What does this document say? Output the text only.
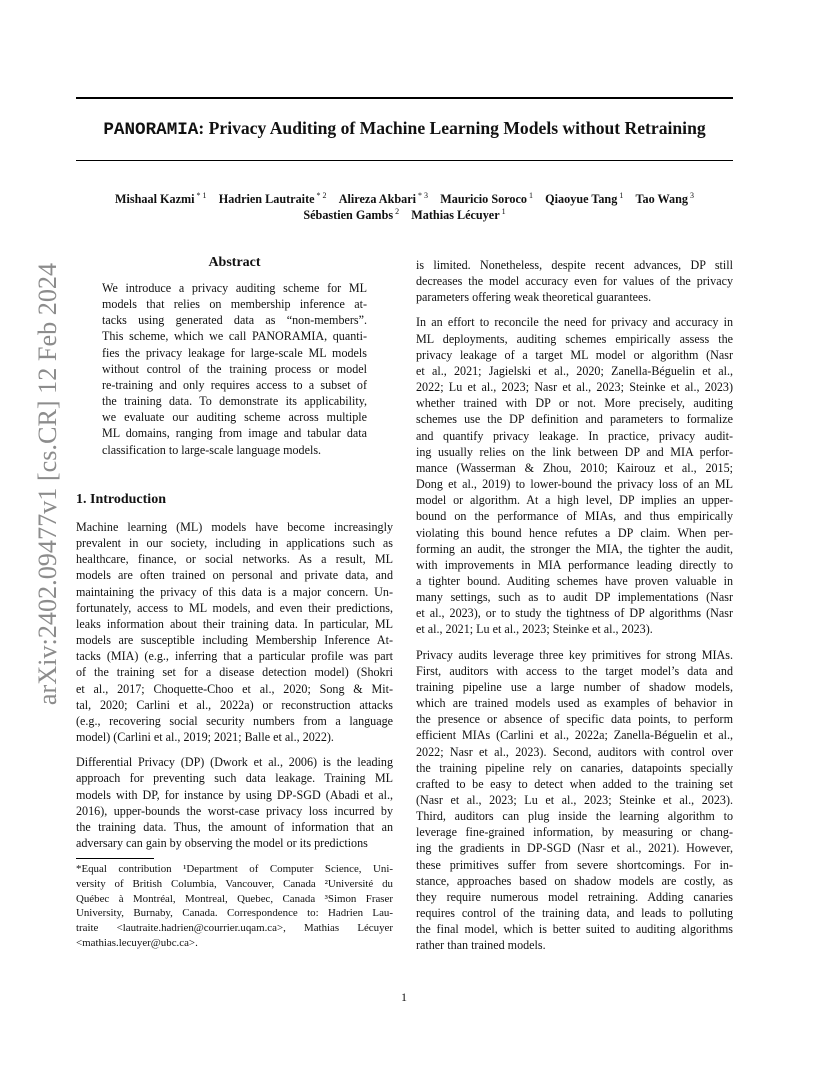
PANORAMIA: Privacy Auditing of Machine Learning Models without Retraining
Mishaal Kazmi $^{* 1}$  Hadrien Lautraite $^{* 2}$  Alireza Akbari $^{* 3}$  Mauricio Soroco $^1$  Qiaoyue Tang $^1$  Tao Wang $^3$
Sébastien Gambs $^2$  Mathias Lécuyer $^1$
arXiv:2402.09477v1 [cs.CR] 12 Feb 2024
Abstract
We introduce a privacy auditing scheme for ML
models that relies on membership inference at-
tacks using generated data as “non-members”.
This scheme, which we call PANORAMIA, quanti-
fies the privacy leakage for large-scale ML models
without control of the training process or model
re-training and only requires access to a subset of
the training data. To demonstrate its applicability,
we evaluate our auditing scheme across multiple
ML domains, ranging from image and tabular data
classification to large-scale language models.
1. Introduction

Machine learning (ML) models have become increasingly
prevalent in our society, including in applications such as
healthcare, finance, or social networks. As a result, ML
models are often trained on personal and private data, and
maintaining the privacy of this data is a major concern. Un-
fortunately, access to ML models, and even their predictions,
leaks information about their training data. In particular, ML
models are susceptible including Membership Inference At-
tacks (MIA) (e.g., inferring that a particular profile was part
of the training set for a disease detection model) (Shokri
et al., 2017; Choquette-Choo et al., 2020; Song & Mit-
tal, 2020; Carlini et al., 2022a) or reconstruction attacks
(e.g., recovering social security numbers from a language
model) (Carlini et al., 2019; 2021; Balle et al., 2022).

Differential Privacy (DP) (Dwork et al., 2006) is the leading
approach for preventing such data leakage. Training ML
models with DP, for instance by using DP-SGD (Abadi et al.,
2016), upper-bounds the worst-case privacy loss incurred by
the training data. Thus, the amount of information that an
adversary can gain by observing the model or its predictions

*Equal contribution ¹Department of Computer Science, Uni-
versity of British Columbia, Vancouver, Canada ²Université du
Québec à Montréal, Montreal, Quebec, Canada ³Simon Fraser
University, Burnaby, Canada. Correspondence to: Hadrien Lau-
traite <lautraite.hadrien@courrier.uqam.ca>, Mathias Lécuyer
<mathias.lecuyer@ubc.ca>.

is limited. Nonetheless, despite recent advances, DP still
decreases the model accuracy even for values of the privacy
parameters offering weak theoretical guarantees.

In an effort to reconcile the need for privacy and accuracy in
ML deployments, auditing schemes empirically assess the
privacy leakage of a target ML model or algorithm (Nasr
et al., 2021; Jagielski et al., 2020; Zanella-Béguelin et al.,
2022; Lu et al., 2023; Nasr et al., 2023; Steinke et al., 2023)
whether trained with DP or not. More precisely, auditing
schemes use the DP definition and parameters to formalize
and quantify privacy leakage. In practice, privacy audit-
ing usually relies on the link between DP and MIA perfor-
mance (Wasserman & Zhou, 2010; Kairouz et al., 2015;
Dong et al., 2019) to lower-bound the privacy loss of an ML
model or algorithm. At a high level, DP implies an upper-
bound on the performance of MIAs, and thus empirically
violating this bound hence refutes a DP claim. When per-
forming an audit, the stronger the MIA, the tighter the audit,
with improvements in MIA performance leading directly to
a tighter bound. Auditing schemes have proven valuable in
many settings, such as to audit DP implementations (Nasr
et al., 2023), or to study the tightness of DP algorithms (Nasr
et al., 2021; Lu et al., 2023; Steinke et al., 2023).

Privacy audits leverage three key primitives for strong MIAs.
First, auditors with access to the target model’s data and
training pipeline use a large number of shadow models,
which are trained models used as examples of behavior in
the presence or absence of specific data points, to perform
efficient MIAs (Carlini et al., 2022a; Zanella-Béguelin et al.,
2022; Nasr et al., 2023). Second, auditors with control over
the training pipeline rely on canaries, datapoints specially
crafted to be easy to detect when added to the training set
(Nasr et al., 2023; Lu et al., 2023; Steinke et al., 2023).
Third, auditors can plug inside the learning algorithm to
leverage fine-grained information, by measuring or chang-
ing the gradients in DP-SGD (Nasr et al., 2021). However,
these primitives suffer from severe shortcomings. For in-
stance, approaches based on shadow models are costly, as
they require numerous model retraining. Adding canaries
requires control of the training data, and leads to polluting
the final model, which is better suited to auditing algorithms
rather than trained models.

1
